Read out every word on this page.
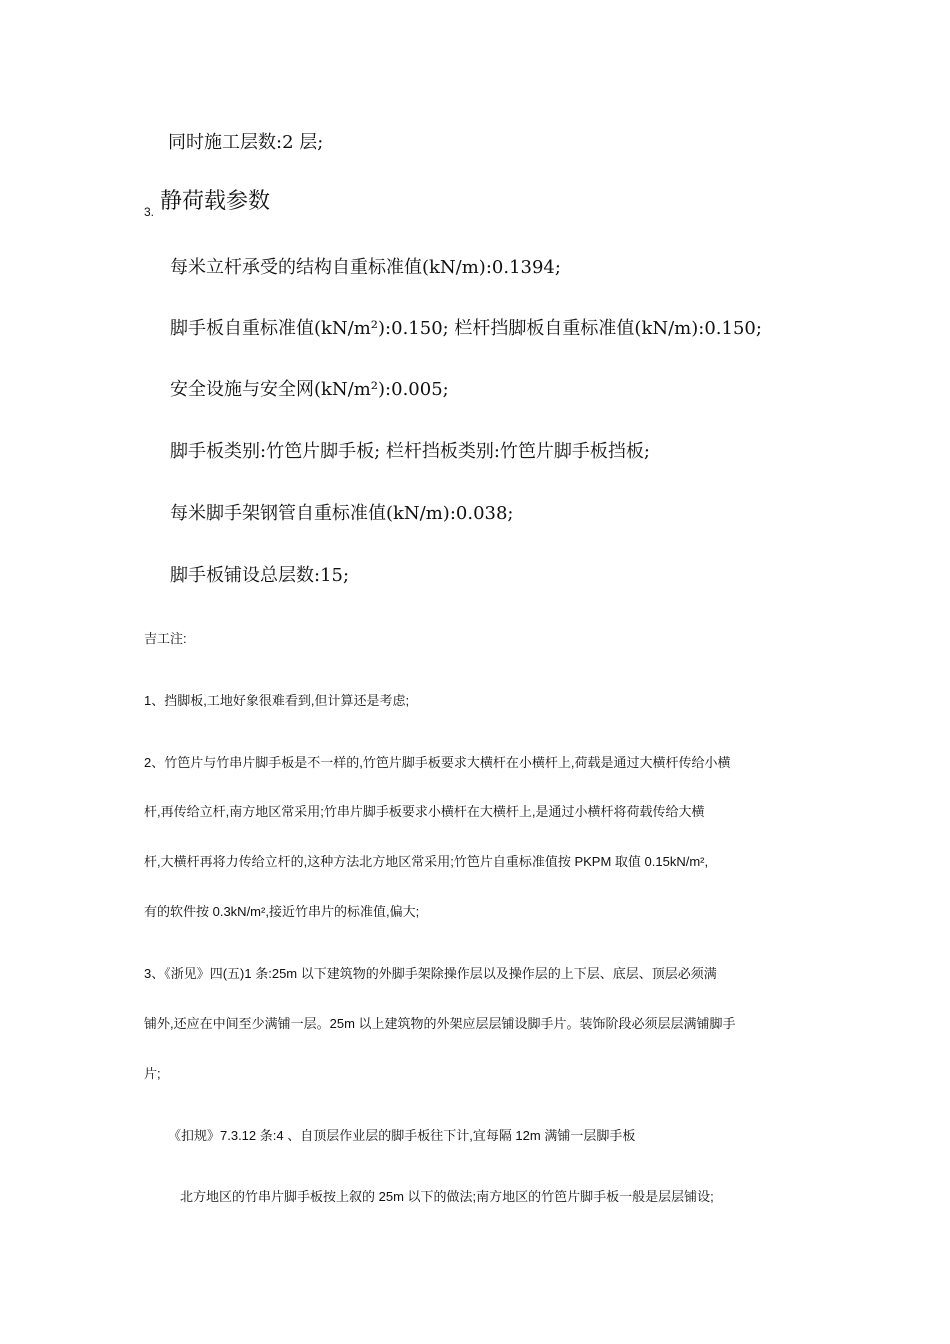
同时施工层数:2 层;
$_{3.}$ 静荷载参数
每米立杆承受的结构自重标准值(kN/m):0.1394;
脚手板自重标准值(kN/m²):0.150; 栏杆挡脚板自重标准值(kN/m):0.150;
安全设施与安全网(kN/m²):0.005;
脚手板类别:竹笆片脚手板; 栏杆挡板类别:竹笆片脚手板挡板;
每米脚手架钢管自重标准值(kN/m):0.038;
脚手板铺设总层数:15;
吉工注:
1、挡脚板,工地好象很难看到,但计算还是考虑;
2、竹笆片与竹串片脚手板是不一样的,竹笆片脚手板要求大横杆在小横杆上,荷载是通过大横杆传给小横
杆,再传给立杆,南方地区常采用;竹串片脚手板要求小横杆在大横杆上,是通过小横杆将荷载传给大横
杆,大横杆再将力传给立杆的,这种方法北方地区常采用;竹笆片自重标准值按 PKPM 取值 0.15kN/m²,
有的软件按 0.3kN/m²,接近竹串片的标准值,偏大;
3、《浙见》四(五)1 条:25m 以下建筑物的外脚手架除操作层以及操作层的上下层、底层、顶层必须满
铺外,还应在中间至少满铺一层。25m 以上建筑物的外架应层层铺设脚手片。装饰阶段必须层层满铺脚手
片;
《扣规》7.3.12 条:4 、自顶层作业层的脚手板往下计,宜每隔 12m 满铺一层脚手板
北方地区的竹串片脚手板按上叙的 25m 以下的做法;南方地区的竹笆片脚手板一般是层层铺设;
